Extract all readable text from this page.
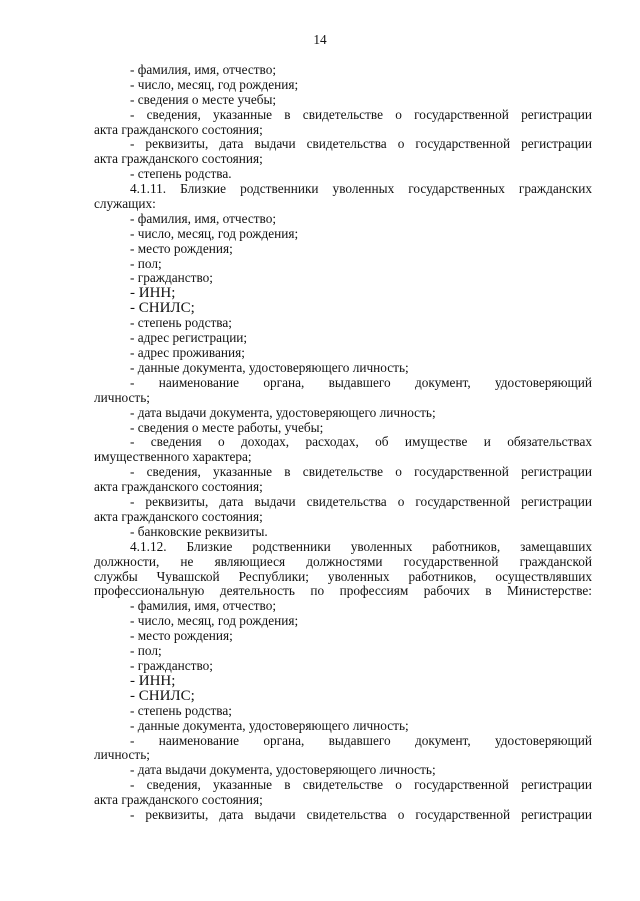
14
- фамилия, имя, отчество;
- число, месяц, год рождения;
- сведения о месте учебы;
- сведения, указанные в свидетельстве о государственной регистрации
акта гражданского состояния;
- реквизиты, дата выдачи свидетельства о государственной регистрации
акта гражданского состояния;
- степень родства.
4.1.11. Близкие родственники уволенных государственных гражданских
служащих:
- фамилия, имя, отчество;
- число, месяц, год рождения;
- место рождения;
- пол;
- гражданство;
- ИНН;
- СНИЛС;
- степень родства;
- адрес регистрации;
- адрес проживания;
- данные документа, удостоверяющего личность;
- наименование органа, выдавшего документ, удостоверяющий
личность;
- дата выдачи документа, удостоверяющего личность;
- сведения о месте работы, учебы;
- сведения о доходах, расходах, об имуществе и обязательствах
имущественного характера;
- сведения, указанные в свидетельстве о государственной регистрации
акта гражданского состояния;
- реквизиты, дата выдачи свидетельства о государственной регистрации
акта гражданского состояния;
- банковские реквизиты.
4.1.12. Близкие родственники уволенных работников, замещавших
должности, не являющиеся должностями государственной гражданской
службы Чувашской Республики; уволенных работников, осуществлявших
профессиональную деятельность по профессиям рабочих в Министерстве:
- фамилия, имя, отчество;
- число, месяц, год рождения;
- место рождения;
- пол;
- гражданство;
- ИНН;
- СНИЛС;
- степень родства;
- данные документа, удостоверяющего личность;
- наименование органа, выдавшего документ, удостоверяющий
личность;
- дата выдачи документа, удостоверяющего личность;
- сведения, указанные в свидетельстве о государственной регистрации
акта гражданского состояния;
- реквизиты, дата выдачи свидетельства о государственной регистрации
